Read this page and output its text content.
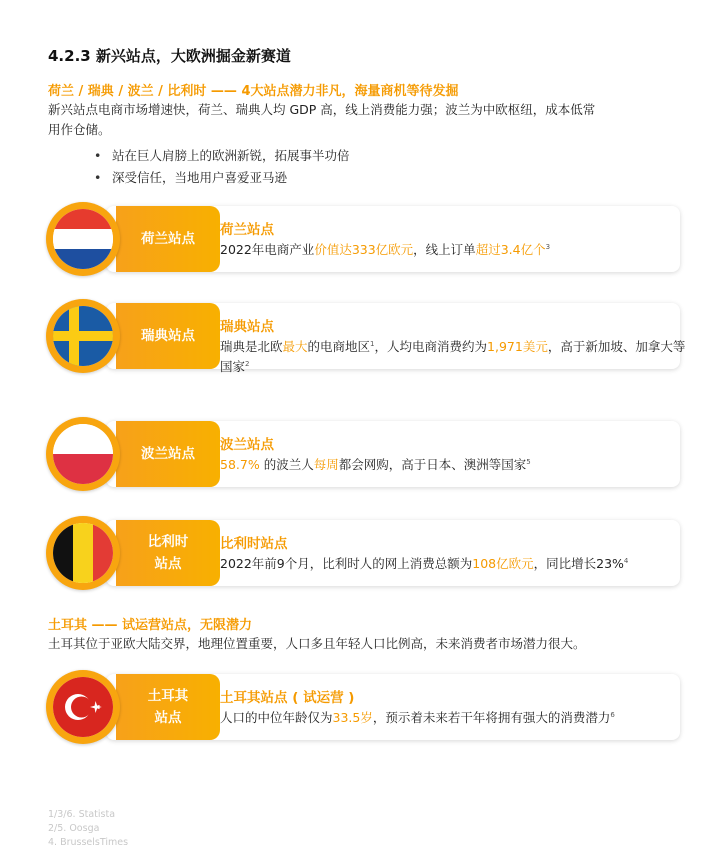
4.2.3 新兴站点，大欧洲掘金新赛道
荷兰 / 瑞典 / 波兰 / 比利时 —— 4大站点潜力非凡，海量商机等待发掘
新兴站点电商市场增速快，荷兰、瑞典人均 GDP 高，线上消费能力强；波兰为中欧枢纽，成本低常
用作仓储。
• 站在巨人肩膀上的欧洲新锐，拓展事半功倍
• 深受信任，当地用户喜爱亚马逊
荷兰站点
荷兰站点
2022年电商产业价值达333亿欧元，线上订单超过3.4亿个$^3$
瑞典站点
瑞典站点
瑞典是北欧最大的电商地区$^1$，人均电商消费约为1,971美元，高于新加坡、加拿大等国家$^2$
波兰站点
波兰站点
58.7% 的波兰人每周都会网购，高于日本、澳洲等国家$^5$
比利时
站点
比利时站点
2022年前9个月，比利时人的网上消费总额为108亿欧元，同比增长23%$^4$
土耳其 —— 试运营站点，无限潜力
土耳其位于亚欧大陆交界，地理位置重要，人口多且年轻人口比例高，未来消费者市场潜力很大。
土耳其
站点
土耳其站点 ( 试运营 )
人口的中位年龄仅为33.5岁，预示着未来若干年将拥有强大的消费潜力$^6$
1/3/6. Statista
2/5. Oosga
4. BrusselsTimes
